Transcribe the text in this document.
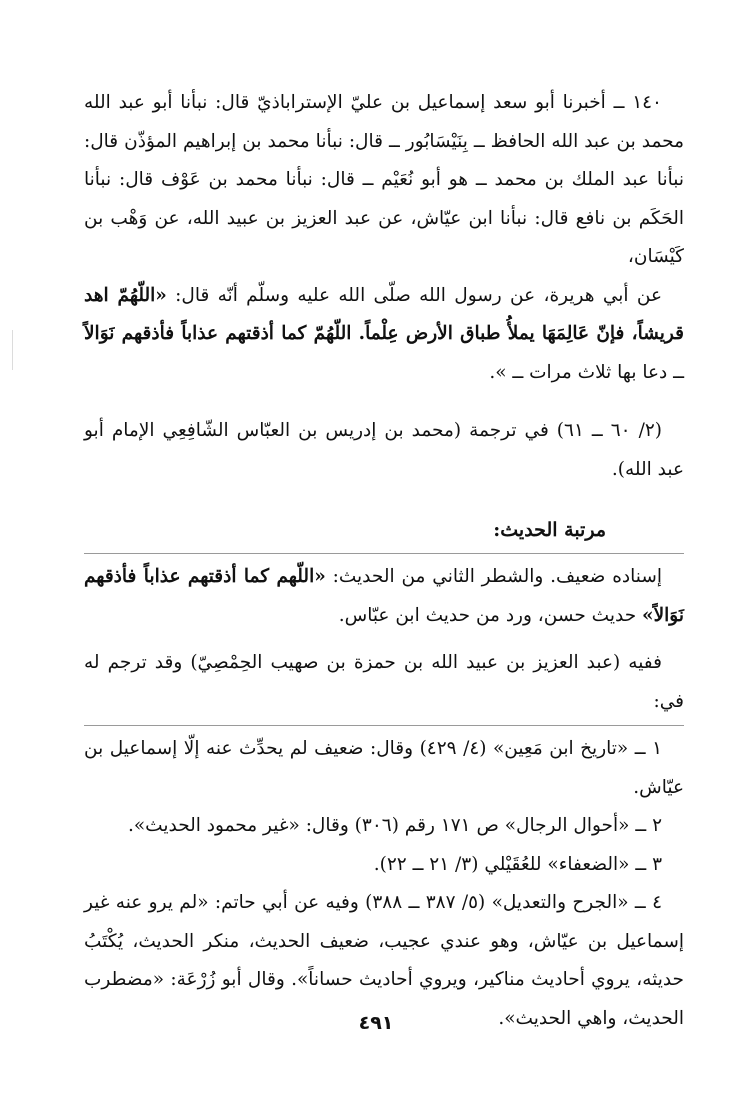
١٤٠ ــ أخبرنا أبو سعد إسماعيل بن عليّ الإستراباذيّ قال: نبأنا أبو عبد الله محمد بن عبد الله الحافظ ــ بِنَيْسَابُور ــ قال: نبأنا محمد بن إبراهيم المؤذّن قال: نبأنا عبد الملك بن محمد ــ هو أبو نُعَيْم ــ قال: نبأنا محمد بن عَوْف قال: نبأنا الحَكَم بن نافع قال: نبأنا ابن عيّاش، عن عبد العزيز بن عبيد الله، عن وَهْب بن كَيْسَان،

عن أبي هريرة، عن رسول الله صلّى الله عليه وسلّم أنّه قال: «اللّهُمّ اهد قريشاً، فإنّ عَالِمَهَا يملأُ طباق الأرض عِلْماً. اللّهُمّ كما أذقتهم عذاباً فأذقهم نَوَالاً ــ دعا بها ثلاث مرات ــ ».

(٢/ ٦٠ ــ ٦١) في ترجمة (محمد بن إدريس بن العبّاس الشّافِعِي الإمام أبو عبد الله).

مرتبة الحديث:

إسناده ضعيف. والشطر الثاني من الحديث: «اللّهم كما أذقتهم عذاباً فأذقهم نَوَالاً» حديث حسن، ورد من حديث ابن عبّاس.

ففيه (عبد العزيز بن عبيد الله بن حمزة بن صهيب الحِمْصِيّ) وقد ترجم له في:

١ ــ «تاريخ ابن مَعِين» (٤/ ٤٢٩) وقال: ضعيف لم يحدِّث عنه إلّا إسماعيل بن عيّاش.

٢ ــ «أحوال الرجال» ص ١٧١ رقم (٣٠٦) وقال: «غير محمود الحديث».

٣ ــ «الضعفاء» للعُقَيْلي (٣/ ٢١ ــ ٢٢).

٤ ــ «الجرح والتعديل» (٥/ ٣٨٧ ــ ٣٨٨) وفيه عن أبي حاتم: «لم يرو عنه غير إسماعيل بن عيّاش، وهو عندي عجيب، ضعيف الحديث، منكر الحديث، يُكْتَبُ حديثه، يروي أحاديث مناكير، ويروي أحاديث حساناً». وقال أبو زُرْعَة: «مضطرب الحديث، واهي الحديث».

٤٩١
